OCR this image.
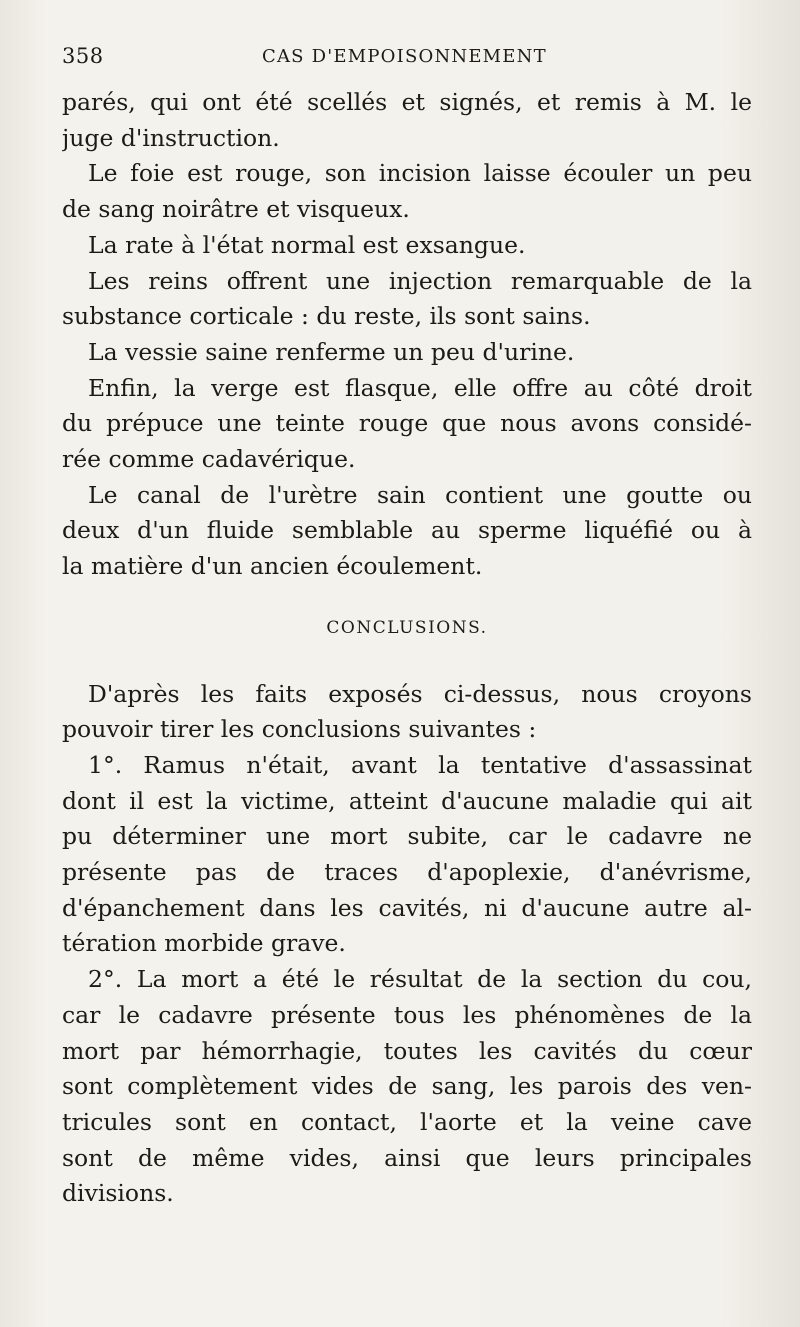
358	CAS D'EMPOISONNEMENT
parés, qui ont été scellés et signés, et remis à M. le
juge d'instruction.
Le foie est rouge, son incision laisse écouler un peu
de sang noirâtre et visqueux.
La rate à l'état normal est exsangue.
Les reins offrent une injection remarquable de la
substance corticale : du reste, ils sont sains.
La vessie saine renferme un peu d'urine.
Enfin, la verge est flasque, elle offre au côté droit
du prépuce une teinte rouge que nous avons considé-
rée comme cadavérique.
Le canal de l'urètre sain contient une goutte ou
deux d'un fluide semblable au sperme liquéfié ou à
la matière d'un ancien écoulement.
CONCLUSIONS.
D'après les faits exposés ci-dessus, nous croyons
pouvoir tirer les conclusions suivantes :
1°. Ramus n'était, avant la tentative d'assassinat
dont il est la victime, atteint d'aucune maladie qui ait
pu déterminer une mort subite, car le cadavre ne
présente pas de traces d'apoplexie, d'anévrisme,
d'épanchement dans les cavités, ni d'aucune autre al-
tération morbide grave.
2°. La mort a été le résultat de la section du cou,
car le cadavre présente tous les phénomènes de la
mort par hémorrhagie, toutes les cavités du cœur
sont complètement vides de sang, les parois des ven-
tricules sont en contact, l'aorte et la veine cave
sont de même vides, ainsi que leurs principales
divisions.
